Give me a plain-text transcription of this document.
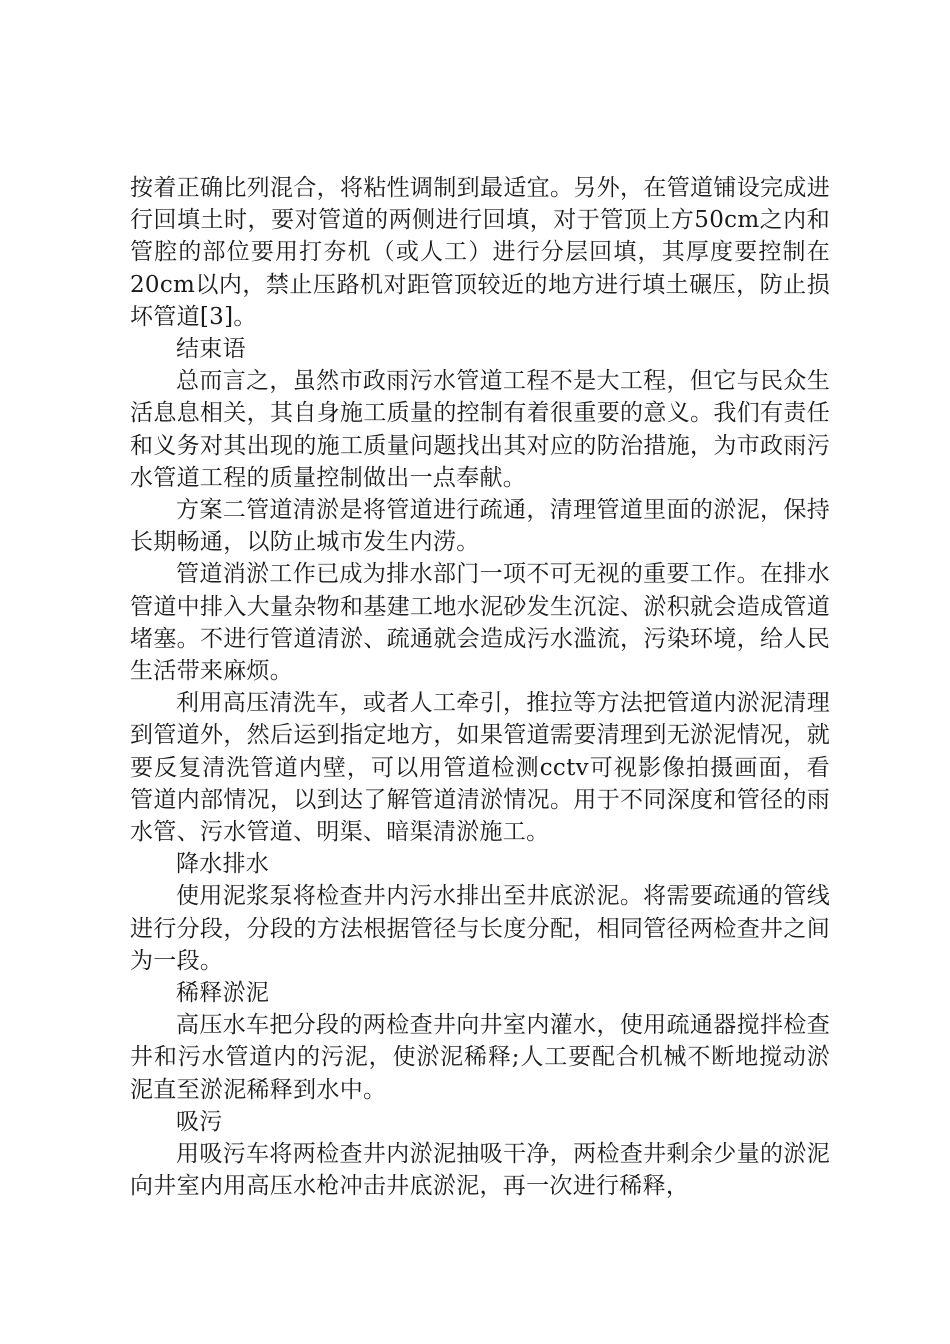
按着正确比列混合，将粘性调制到最适宜。另外，在管道铺设完成进行回填土时，要对管道的两侧进行回填，对于管顶上方50cm之内和管腔的部位要用打夯机（或人工）进行分层回填，其厚度要控制在20cm以内，禁止压路机对距管顶较近的地方进行填土碾压，防止损坏管道[3]。

结束语

总而言之，虽然市政雨污水管道工程不是大工程，但它与民众生活息息相关，其自身施工质量的控制有着很重要的意义。我们有责任和义务对其出现的施工质量问题找出其对应的防治措施，为市政雨污水管道工程的质量控制做出一点奉献。

方案二管道清淤是将管道进行疏通，清理管道里面的淤泥，保持长期畅通，以防止城市发生内涝。

管道消淤工作已成为排水部门一项不可无视的重要工作。在排水管道中排入大量杂物和基建工地水泥砂发生沉淀、淤积就会造成管道堵塞。不进行管道清淤、疏通就会造成污水滥流，污染环境，给人民生活带来麻烦。

利用高压清洗车，或者人工牵引，推拉等方法把管道内淤泥清理到管道外，然后运到指定地方，如果管道需要清理到无淤泥情况，就要反复清洗管道内壁，可以用管道检测cctv可视影像拍摄画面，看管道内部情况，以到达了解管道清淤情况。用于不同深度和管径的雨水管、污水管道、明渠、暗渠清淤施工。

降水排水

使用泥浆泵将检查井内污水排出至井底淤泥。将需要疏通的管线进行分段，分段的方法根据管径与长度分配，相同管径两检查井之间为一段。

稀释淤泥

高压水车把分段的两检查井向井室内灌水，使用疏通器搅拌检查井和污水管道内的污泥，使淤泥稀释;人工要配合机械不断地搅动淤泥直至淤泥稀释到水中。

吸污

用吸污车将两检查井内淤泥抽吸干净，两检查井剩余少量的淤泥向井室内用高压水枪冲击井底淤泥，再一次进行稀释，
